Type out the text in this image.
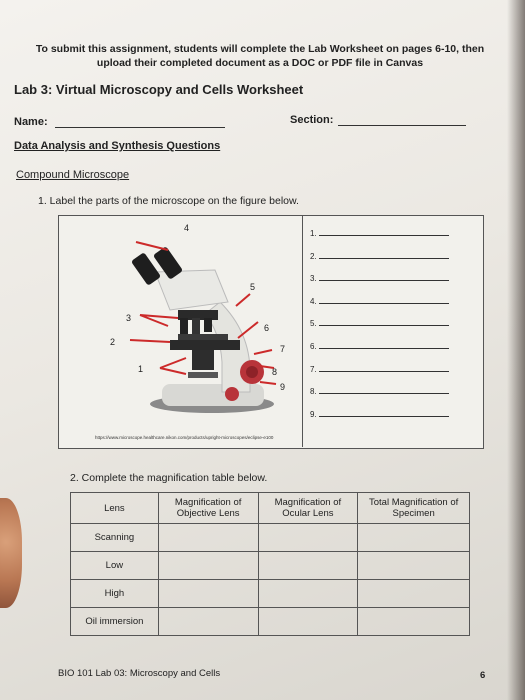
To submit this assignment, students will complete the Lab Worksheet on pages 6-10, then
upload their completed document as a DOC or PDF file in Canvas
Lab 3: Virtual Microscopy and Cells Worksheet
Name:	Section:
Data Analysis and Synthesis Questions
Compound Microscope
1. Label the parts of the microscope on the figure below.
4
5
6
7
8
9
3
2
1
https://www.microscope.healthcare.nikon.com/products/upright-microscopes/eclipse-e100
1.
2.
3.
4.
5.
6.
7.
8.
9.
2. Complete the magnification table below.
Lens	Magnification of Objective Lens	Magnification of Ocular Lens	Total Magnification of Specimen
Scanning			
Low			
High			
Oil immersion			
BIO 101 Lab 03: Microscopy and Cells	6
